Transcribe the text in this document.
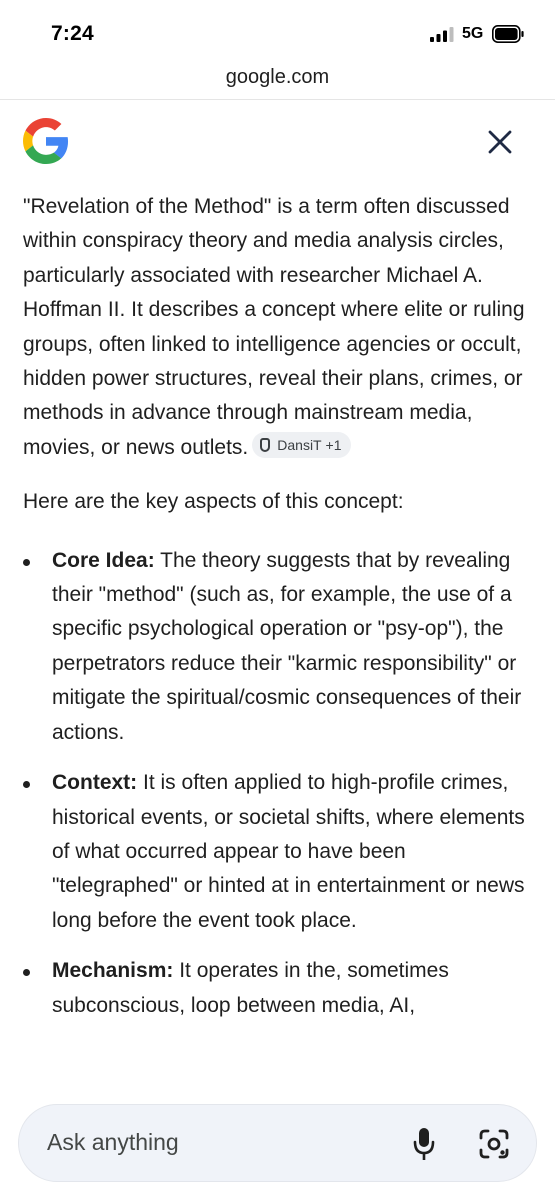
7:24	5G
google.com

"Revelation of the Method" is a term often discussed within conspiracy theory and media analysis circles, particularly associated with researcher Michael A. Hoffman II. It describes a concept where elite or ruling groups, often linked to intelligence agencies or occult, hidden power structures, reveal their plans, crimes, or methods in advance through mainstream media, movies, or news outlets. DansiT
+1

Here are the key aspects of this concept:

Core Idea: The theory suggests that by revealing their "method" (such as, for example, the use of a specific psychological operation or "psy-op"), the perpetrators reduce their "karmic responsibility" or mitigate the spiritual/cosmic consequences of their actions.
Context: It is often applied to high-profile crimes, historical events, or societal shifts, where elements of what occurred appear to have been "telegraphed" or hinted at in entertainment or news long before the event took place.
Mechanism: It operates in the, sometimes subconscious, loop between media, AI,
Ask anything
